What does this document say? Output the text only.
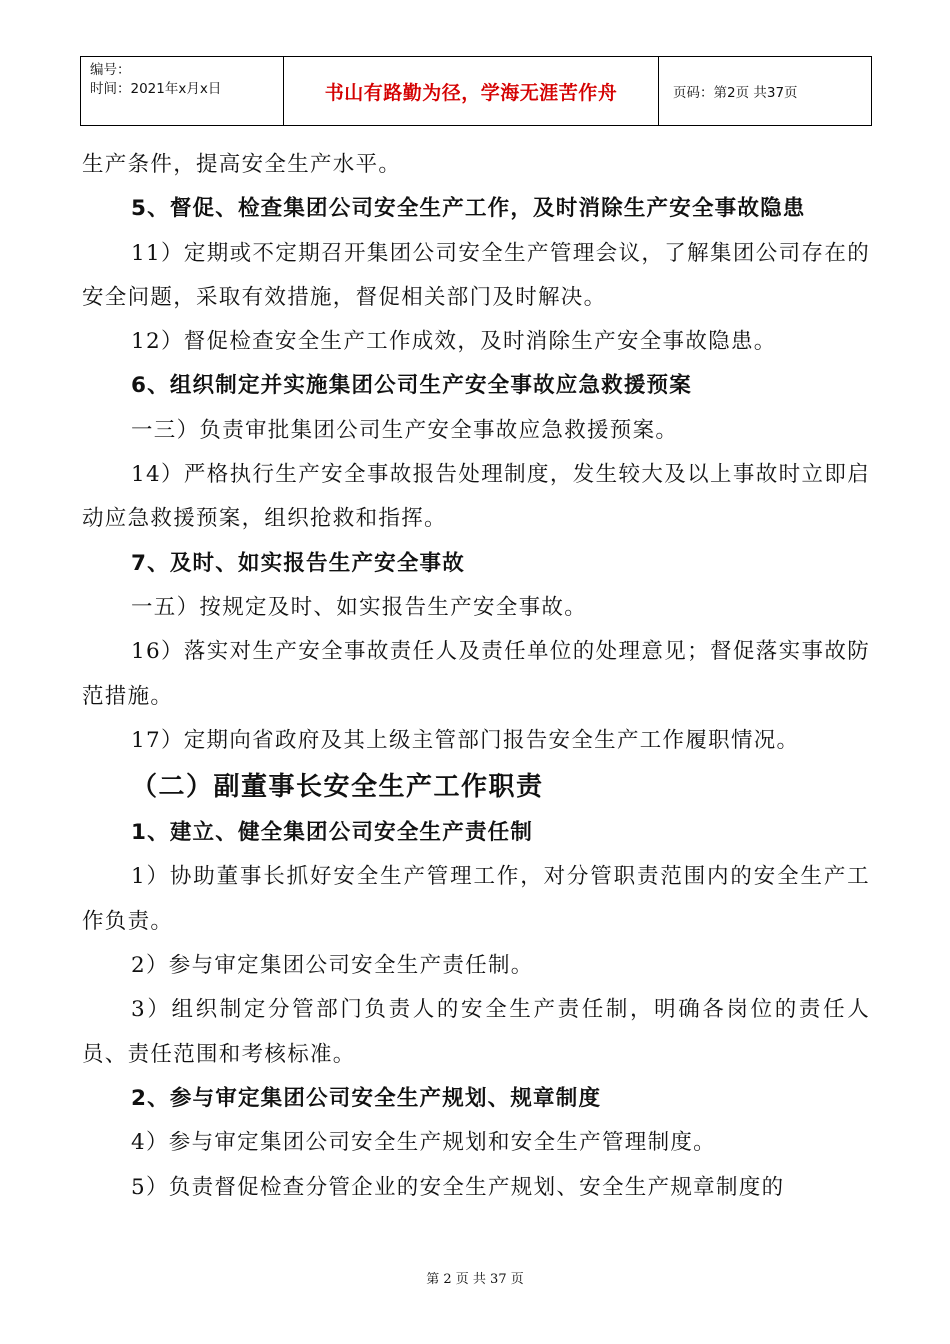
编号：
时间：2021年x月x日	书山有路勤为径，学海无涯苦作舟	页码：第2页 共37页

生产条件，提高安全生产水平。

5、督促、检查集团公司安全生产工作，及时消除生产安全事故隐患

11）定期或不定期召开集团公司安全生产管理会议，了解集团公司存在的安全问题，采取有效措施，督促相关部门及时解决。

12）督促检查安全生产工作成效，及时消除生产安全事故隐患。

6、组织制定并实施集团公司生产安全事故应急救援预案

一三）负责审批集团公司生产安全事故应急救援预案。

14）严格执行生产安全事故报告处理制度，发生较大及以上事故时立即启动应急救援预案，组织抢救和指挥。

7、及时、如实报告生产安全事故

一五）按规定及时、如实报告生产安全事故。

16）落实对生产安全事故责任人及责任单位的处理意见；督促落实事故防范措施。

17）定期向省政府及其上级主管部门报告安全生产工作履职情况。

（二）副董事长安全生产工作职责

1、建立、健全集团公司安全生产责任制

1）协助董事长抓好安全生产管理工作，对分管职责范围内的安全生产工作负责。

2）参与审定集团公司安全生产责任制。

3）组织制定分管部门负责人的安全生产责任制，明确各岗位的责任人员、责任范围和考核标准。

2、参与审定集团公司安全生产规划、规章制度

4）参与审定集团公司安全生产规划和安全生产管理制度。

5）负责督促检查分管企业的安全生产规划、安全生产规章制度的

第 2 页 共 37 页
